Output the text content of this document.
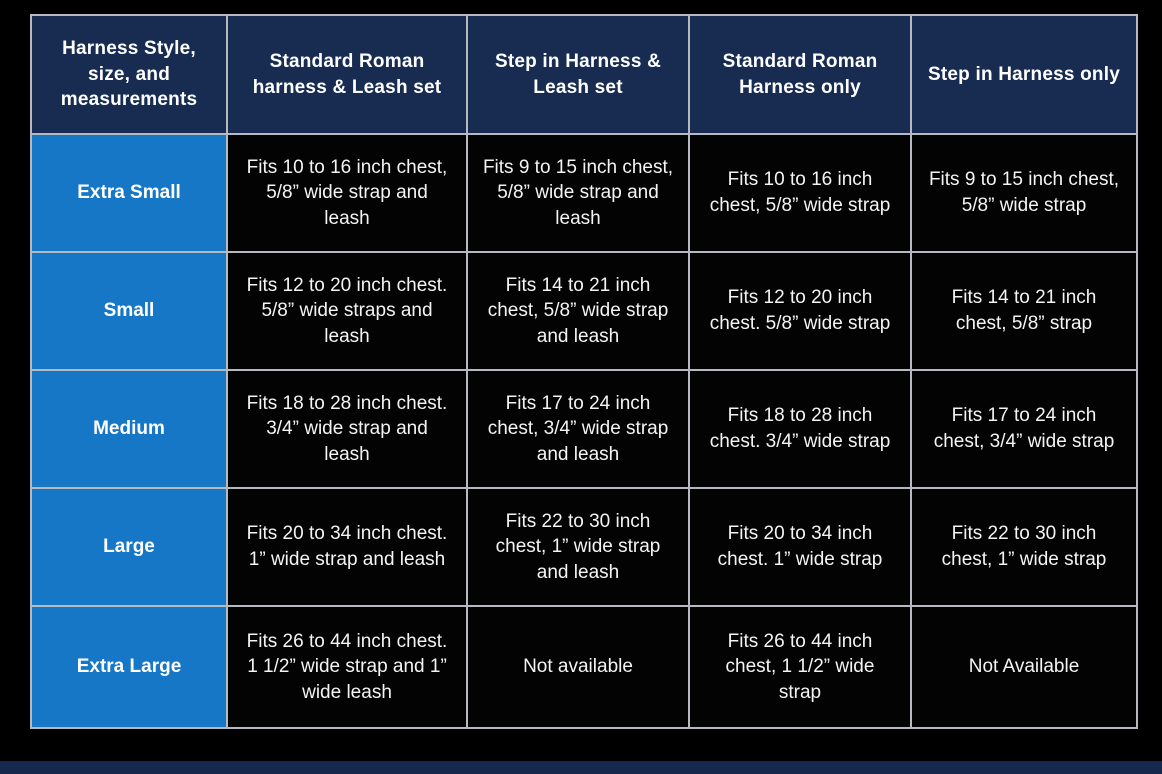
Harness Style, size, and measurements	Standard Roman harness & Leash set	Step in Harness & Leash set	Standard Roman Harness only	Step in Harness only
Extra Small	Fits 10 to 16 inch chest, 5/8” wide strap and leash	Fits 9 to 15 inch chest, 5/8” wide strap and leash	Fits 10 to 16 inch chest, 5/8” wide strap	Fits 9 to 15 inch chest, 5/8” wide strap
Small	Fits 12 to 20 inch chest. 5/8” wide straps and leash	Fits 14 to 21 inch chest, 5/8” wide strap and leash	Fits 12 to 20 inch chest. 5/8” wide strap	Fits 14 to 21 inch chest, 5/8” strap
Medium	Fits 18 to 28 inch chest. 3/4” wide strap and leash	Fits 17 to 24 inch chest, 3/4” wide strap and leash	Fits 18 to 28 inch chest. 3/4” wide strap	Fits 17 to 24 inch chest, 3/4” wide strap
Large	Fits 20 to 34 inch chest. 1” wide strap and leash	Fits 22 to 30 inch chest, 1” wide strap and leash	Fits 20 to 34 inch chest. 1” wide strap	Fits 22 to 30 inch chest, 1” wide strap
Extra Large	Fits 26 to 44 inch chest. 1 1/2” wide strap and 1” wide leash	Not available	Fits 26 to 44 inch chest, 1 1/2” wide strap	Not Available
